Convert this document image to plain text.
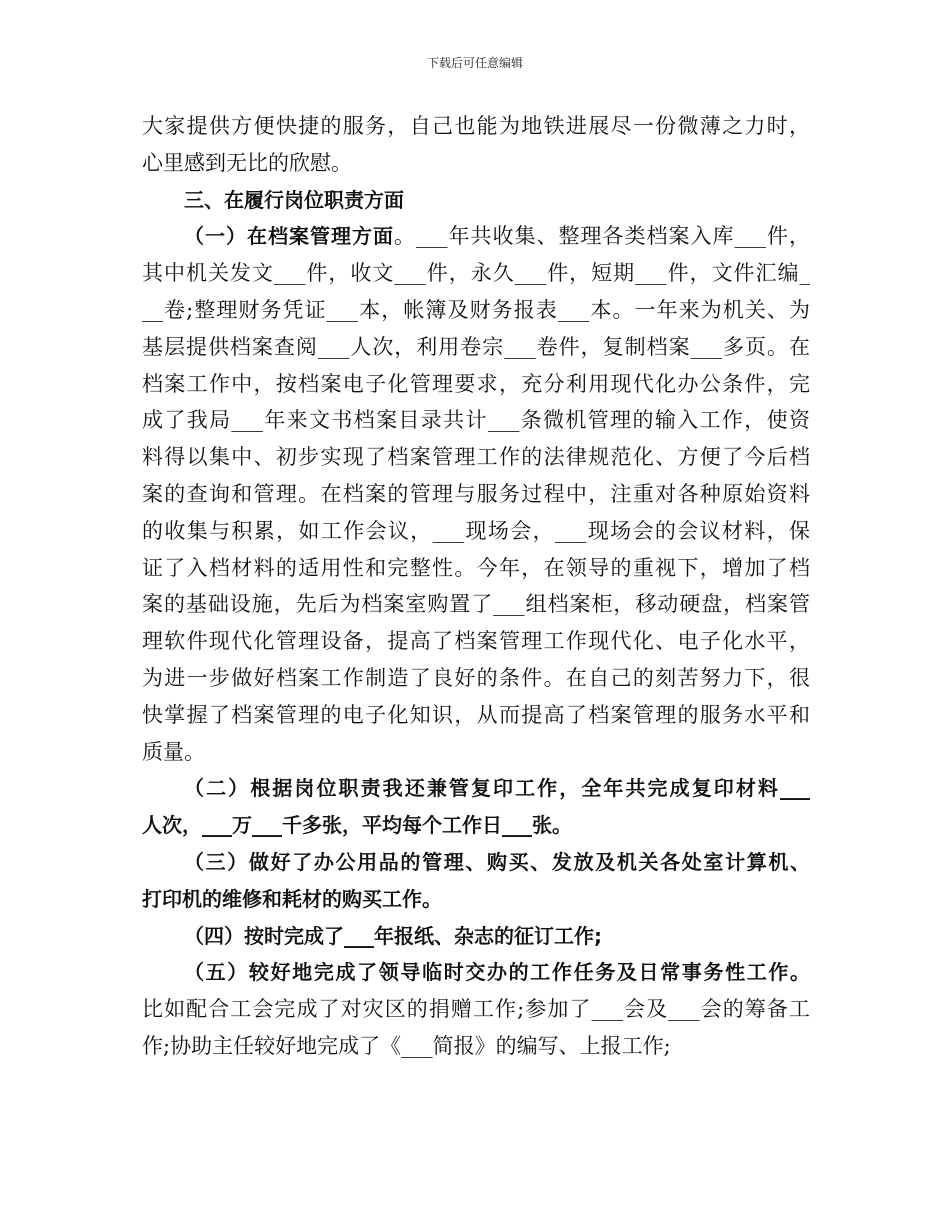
下载后可任意编辑
大家提供方便快捷的服务，自己也能为地铁进展尽一份微薄之力时，
心里感到无比的欣慰。
三、在履行岗位职责方面
（一）在档案管理方面。___年共收集、整理各类档案入库___件，
其中机关发文___件，收文___件，永久___件，短期___件，文件汇编_
__卷;整理财务凭证___本，帐簿及财务报表___本。一年来为机关、为
基层提供档案查阅___人次，利用卷宗___卷件，复制档案___多页。在
档案工作中，按档案电子化管理要求，充分利用现代化办公条件，完
成了我局___年来文书档案目录共计___条微机管理的输入工作，使资
料得以集中、初步实现了档案管理工作的法律规范化、方便了今后档
案的查询和管理。在档案的管理与服务过程中，注重对各种原始资料
的收集与积累，如工作会议，___现场会，___现场会的会议材料，保
证了入档材料的适用性和完整性。今年，在领导的重视下，增加了档
案的基础设施，先后为档案室购置了___组档案柜，移动硬盘，档案管
理软件现代化管理设备，提高了档案管理工作现代化、电子化水平，
为进一步做好档案工作制造了良好的条件。在自己的刻苦努力下，很
快掌握了档案管理的电子化知识，从而提高了档案管理的服务水平和
质量。
（二）根据岗位职责我还兼管复印工作，全年共完成复印材料___
人次，___万___千多张，平均每个工作日___张。
（三）做好了办公用品的管理、购买、发放及机关各处室计算机、
打印机的维修和耗材的购买工作。
（四）按时完成了___年报纸、杂志的征订工作;
（五）较好地完成了领导临时交办的工作任务及日常事务性工作。
比如配合工会完成了对灾区的捐赠工作;参加了___会及___会的筹备工
作;协助主任较好地完成了《___简报》的编写、上报工作;
